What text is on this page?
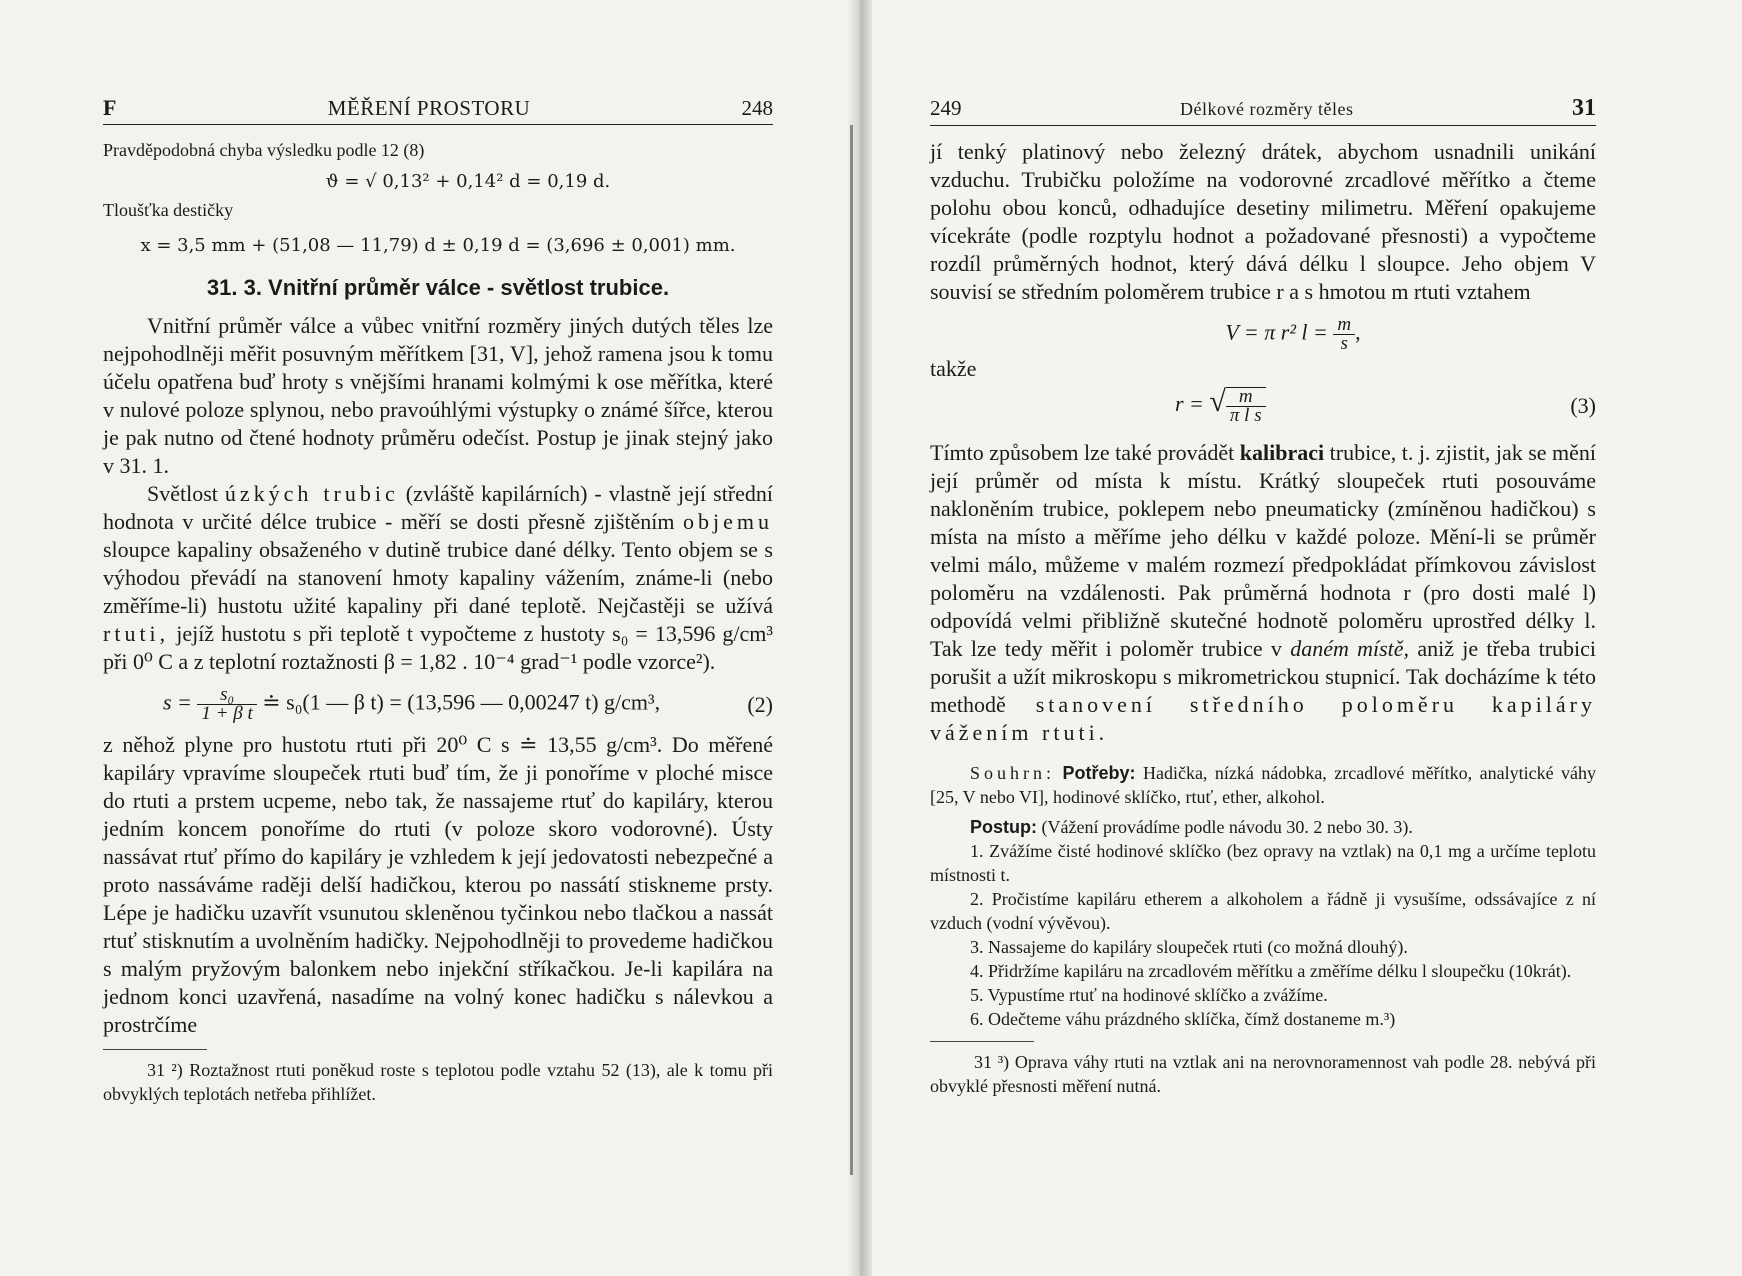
F	MĚŘENÍ PROSTORU	248
Pravděpodobná chyba výsledku podle 12 (8)
ϑ = √ 0,13² + 0,14² d = 0,19 d.
Tloušťka destičky
x = 3,5 mm + (51,08 — 11,79) d ± 0,19 d = (3,696 ± 0,001) mm.
31. 3. Vnitřní průměr válce - světlost trubice.

Vnitřní průměr válce a vůbec vnitřní rozměry jiných dutých těles lze nejpohodlněji měřit posuvným měřítkem [31, V], jehož ramena jsou k tomu účelu opatřena buď hroty s vnějšími hranami kolmými k ose měřítka, které v nulové poloze splynou, nebo pravoúhlými výstupky o známé šířce, kterou je pak nutno od čtené hodnoty průměru odečíst. Postup je jinak stejný jako v 31. 1.

Světlost úzkých trubic (zvláště kapilárních) - vlastně její střední hodnota v určité délce trubice - měří se dosti přesně zjištěním objemu sloupce kapaliny obsaženého v dutině trubice dané délky. Tento objem se s výhodou převádí na stanovení hmoty kapaliny vážením, známe-li (nebo změříme-li) hustotu užité kapaliny při dané teplotě. Nejčastěji se užívá rtuti, jejíž hustotu s při teplotě t vypočteme z hustoty s₀ = 13,596 g/cm³ při 0⁰ C a z teplotní roztažnosti β = 1,82 . 10⁻⁴ grad⁻¹ podle vzorce²).

$s = \frac{\text{s₀}}{\text{1 + β t}}$ ≐ s₀(1 — β t) = (13,596 — 0,00247 t) g/cm³,	(2)

z něhož plyne pro hustotu rtuti při 20⁰ C s ≐ 13,55 g/cm³. Do měřené kapiláry vpravíme sloupeček rtuti buď tím, že ji ponoříme v ploché misce do rtuti a prstem ucpeme, nebo tak, že nassajeme rtuť do kapiláry, kterou jedním koncem ponoříme do rtuti (v poloze skoro vodorovné). Ústy nassávat rtuť přímo do kapiláry je vzhledem k její jedovatosti nebezpečné a proto nassáváme raději delší hadičkou, kterou po nassátí stiskneme prsty. Lépe je hadičku uzavřít vsunutou skleněnou tyčinkou nebo tlačkou a nassát rtuť stisknutím a uvolněním hadičky. Nejpohodlněji to provedeme hadičkou s malým pryžovým balonkem nebo injekční stříkačkou. Je-li kapilára na jednom konci uzavřená, nasadíme na volný konec hadičku s nálevkou a prostrčíme

31 ²) Roztažnost rtuti poněkud roste s teplotou podle vztahu 52 (13), ale k tomu při obvyklých teplotách netřeba přihlížet.
249	Délkové rozměry těles	31

jí tenký platinový nebo železný drátek, abychom usnadnili unikání vzduchu. Trubičku položíme na vodorovné zrcadlové měřítko a čteme polohu obou konců, odhadujíce desetiny milimetru. Měření opakujeme vícekráte (podle rozptylu hodnot a požadované přesnosti) a vypočteme rozdíl průměrných hodnot, který dává délku l sloupce. Jeho objem V souvisí se středním poloměrem trubice r a s hmotou m rtuti vztahem

V = π r² $l = \frac{m}{s}$ ,
takže
r = √ $\frac{m}{\text{π l s}}$	(3)

Tímto způsobem lze také provádět kalibraci trubice, t. j. zjistit, jak se mění její průměr od místa k místu. Krátký sloupeček rtuti posouváme nakloněním trubice, poklepem nebo pneumaticky (zmíněnou hadičkou) s místa na místo a měříme jeho délku v každé poloze. Mění-li se průměr velmi málo, můžeme v malém rozmezí předpokládat přímkovou závislost poloměru na vzdálenosti. Pak průměrná hodnota r (pro dosti malé l) odpovídá velmi přibližně skutečné hodnotě poloměru uprostřed délky l. Tak lze tedy měřit i poloměr trubice v daném místě, aniž je třeba trubici porušit a užít mikroskopu s mikrometrickou stupnicí. Tak docházíme k této methodě stanovení středního poloměru kapiláry vážením rtuti.

Souhrn: Potřeby: Hadička, nízká nádobka, zrcadlové měřítko, analytické váhy [25, V nebo VI], hodinové sklíčko, rtuť, ether, alkohol.
Postup: (Vážení provádíme podle návodu 30. 2 nebo 30. 3).

1. Zvážíme čisté hodinové sklíčko (bez opravy na vztlak) na 0,1 mg a určíme teplotu místnosti t.

2. Pročistíme kapiláru etherem a alkoholem a řádně ji vysušíme, odssávajíce z ní vzduch (vodní vývěvou).

3. Nassajeme do kapiláry sloupeček rtuti (co možná dlouhý).

4. Přidržíme kapiláru na zrcadlovém měřítku a změříme délku l sloupečku (10krát).

5. Vypustíme rtuť na hodinové sklíčko a zvážíme.

6. Odečteme váhu prázdného sklíčka, čímž dostaneme m.³)

31 ³) Oprava váhy rtuti na vztlak ani na nerovnoramennost vah podle 28. nebývá při obvyklé přesnosti měření nutná.
